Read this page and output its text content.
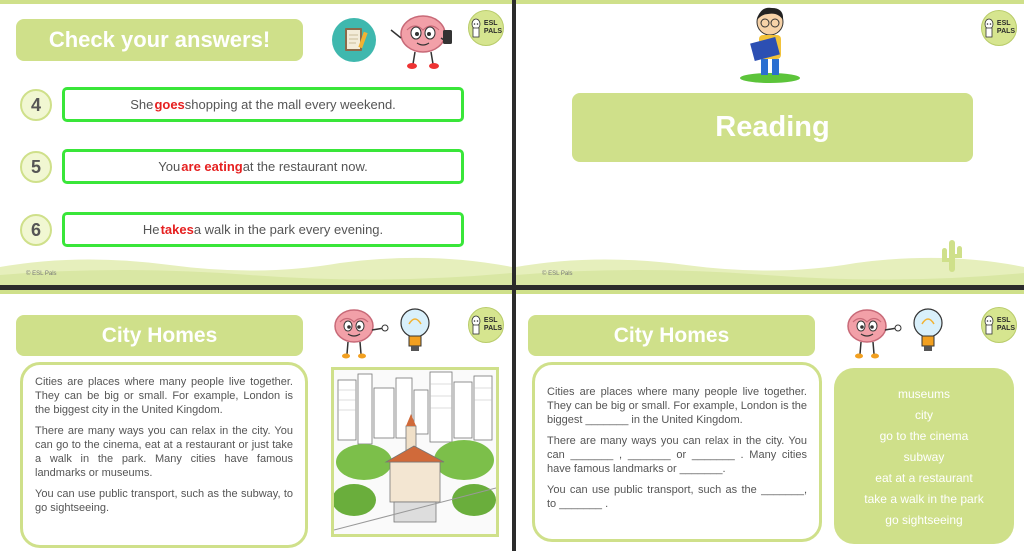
Check your answers!
ESL
PALS
4	She
  goes shopping at the mall every weekend.
5	You
  are eating at the restaurant now.
6	He
  takes a walk in the park every evening.
© ESL Pals
Reading
ESL
PALS
© ESL Pals
City Homes
ESL
PALS

Cities are places where many people live together. They can be big or small. For example, London is the biggest city in the United Kingdom.

There are many ways you can relax in the city. You can go to the cinema, eat at a restaurant or just take a walk in the park. Many cities have famous landmarks or museums.

You can use public transport, such as the subway, to go sightseeing.

City Homes
ESL
PALS

Cities are places where many people live together. They can be big or small. For example, London is the biggest _______ in the United Kingdom.

There are many ways you can relax in the city. You can _______ , _______ or _______ . Many cities have famous landmarks or _______.

You can use public transport, such as the _______, to _______ .

museums
city
go to the cinema
subway
eat at a restaurant
take a walk in the park
go sightseeing
